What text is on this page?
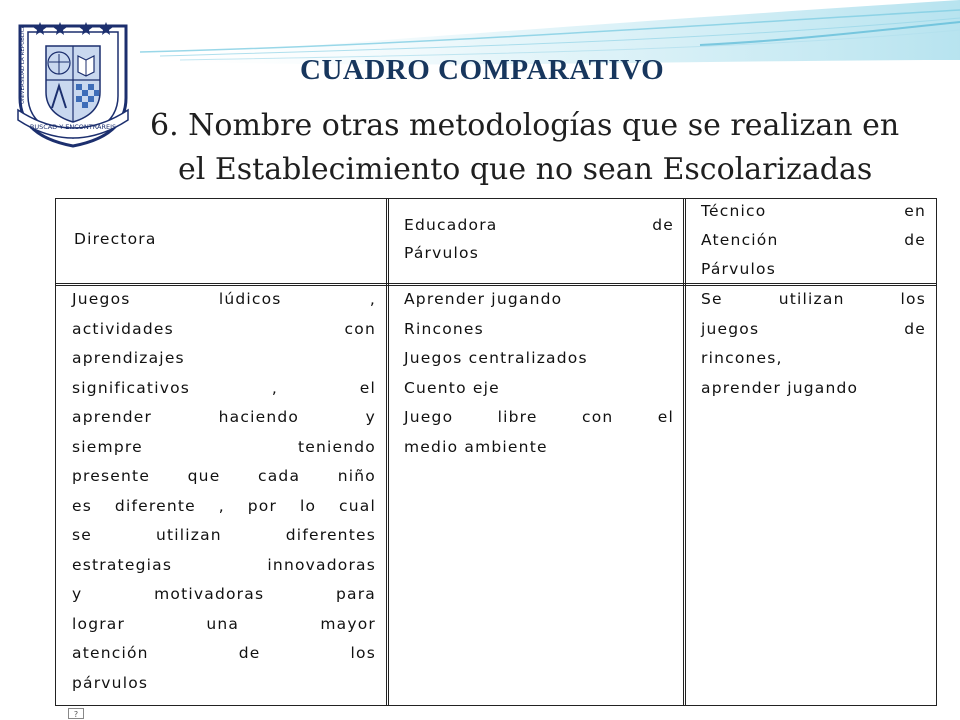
BUSCAD Y ENCONTRAREIS
UNIVERSIDAD LA REPUBLICA	CUADRO COMPARATIVO
6. Nombre otras metodologías que se realizan en
el Establecimiento que no sean Escolarizadas
Directora
Educadora de
Párvulos
Técnico en
Atención de
Párvulos
Juegos lúdicos ,
actividades con
aprendizajes
significativos , el
aprender haciendo y
siempre teniendo
presente que cada niño
es diferente , por lo cual
se utilizan diferentes
estrategias innovadoras
y motivadoras para
lograr una mayor
atención de los
párvulos
Aprender jugando
Rincones
Juegos centralizados
Cuento eje
Juego libre con el
medio ambiente
Se utilizan los
juegos de
rincones,
aprender jugando
?
